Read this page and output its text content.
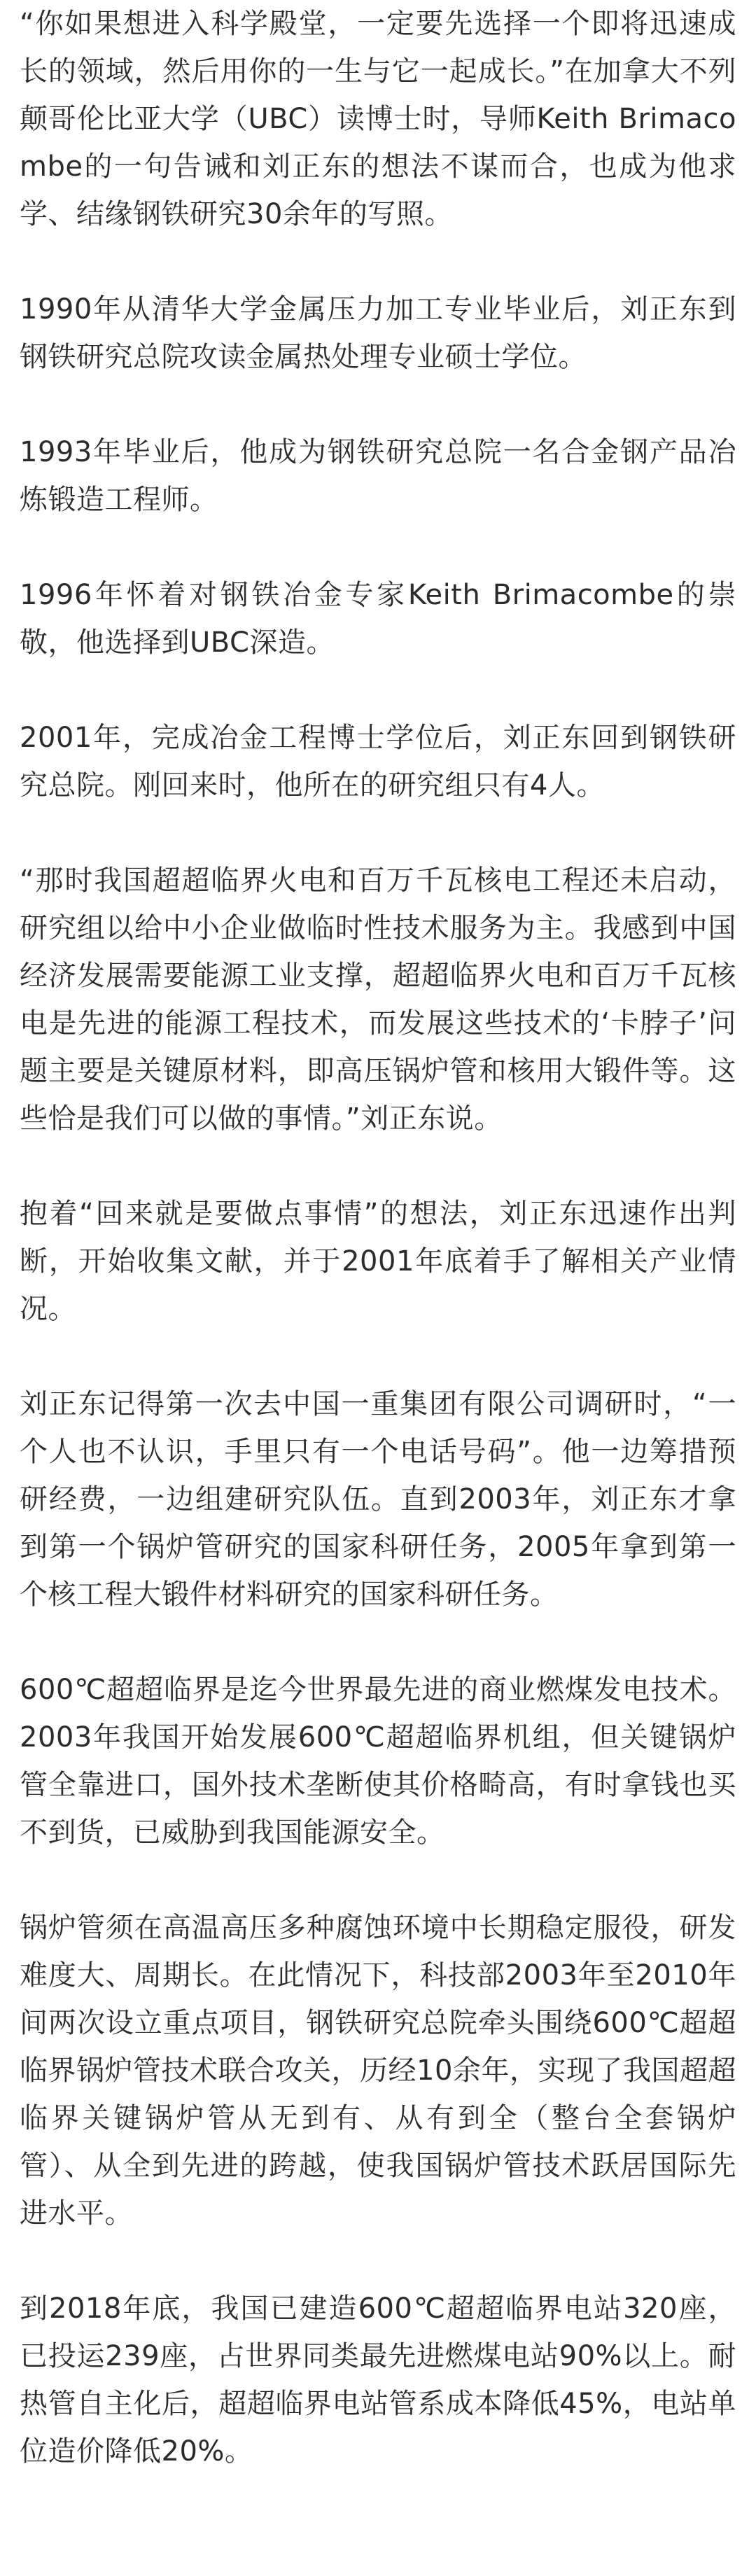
“你如果想进入科学殿堂，一定要先选择一个即将迅速成长的领域，然后用你的一生与它一起成长。”在加拿大不列颠哥伦比亚大学（UBC）读博士时，导师Keith Brimacombe的一句告诫和刘正东的想法不谋而合，也成为他求学、结缘钢铁研究30余年的写照。

1990年从清华大学金属压力加工专业毕业后，刘正东到钢铁研究总院攻读金属热处理专业硕士学位。

1993年毕业后，他成为钢铁研究总院一名合金钢产品冶炼锻造工程师。

1996年怀着对钢铁冶金专家Keith Brimacombe的崇敬，他选择到UBC深造。

2001年，完成冶金工程博士学位后，刘正东回到钢铁研究总院。刚回来时，他所在的研究组只有4人。

“那时我国超超临界火电和百万千瓦核电工程还未启动，研究组以给中小企业做临时性技术服务为主。我感到中国经济发展需要能源工业支撑，超超临界火电和百万千瓦核电是先进的能源工程技术，而发展这些技术的‘卡脖子’问题主要是关键原材料，即高压锅炉管和核用大锻件等。这些恰是我们可以做的事情。”刘正东说。

抱着“回来就是要做点事情”的想法，刘正东迅速作出判断，开始收集文献，并于2001年底着手了解相关产业情况。

刘正东记得第一次去中国一重集团有限公司调研时，“一个人也不认识，手里只有一个电话号码”。他一边筹措预研经费，一边组建研究队伍。直到2003年，刘正东才拿到第一个锅炉管研究的国家科研任务，2005年拿到第一个核工程大锻件材料研究的国家科研任务。

600℃超超临界是迄今世界最先进的商业燃煤发电技术。2003年我国开始发展600℃超超临界机组，但关键锅炉管全靠进口，国外技术垄断使其价格畸高，有时拿钱也买不到货，已威胁到我国能源安全。

锅炉管须在高温高压多种腐蚀环境中长期稳定服役，研发难度大、周期长。在此情况下，科技部2003年至2010年间两次设立重点项目，钢铁研究总院牵头围绕600℃超超临界锅炉管技术联合攻关，历经10余年，实现了我国超超临界关键锅炉管从无到有、从有到全（整台全套锅炉管）、从全到先进的跨越，使我国锅炉管技术跃居国际先进水平。

到2018年底，我国已建造600℃超超临界电站320座，已投运239座，占世界同类最先进燃煤电站90%以上。耐热管自主化后，超超临界电站管系成本降低45%，电站单位造价降低20%。
